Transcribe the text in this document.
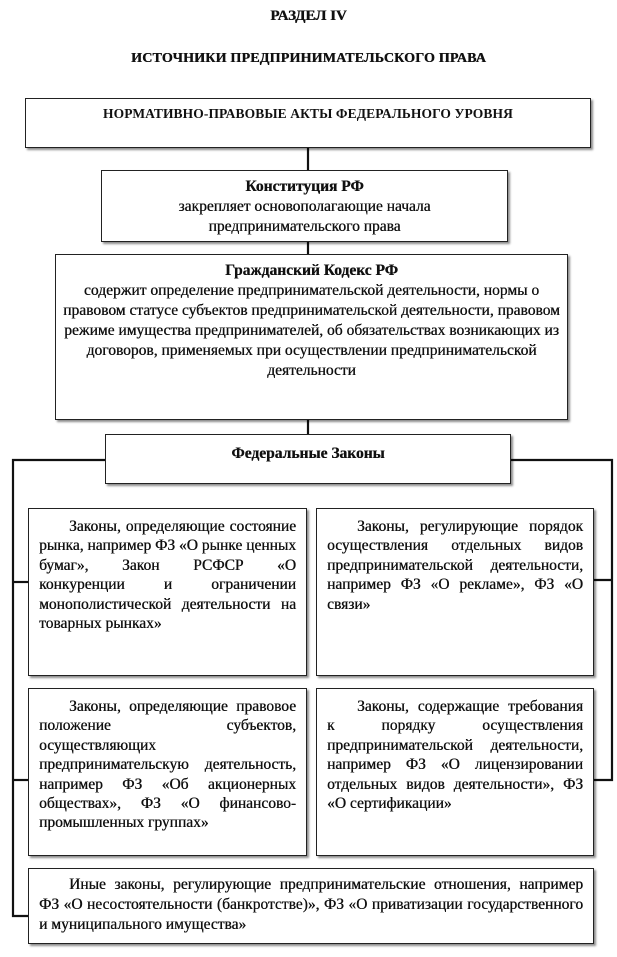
РАЗДЕЛ IV
ИСТОЧНИКИ ПРЕДПРИНИМАТЕЛЬСКОГО ПРАВА
НОРМАТИВНО-ПРАВОВЫЕ АКТЫ ФЕДЕРАЛЬНОГО УРОВНЯ
Конституция РФ
закрепляет основополагающие начала предпринимательского права
Гражданский Кодекс РФ
содержит определение предпринимательской деятельности, нормы о правовом статусе субъектов предпринимательской деятельности, правовом режиме имущества предпринимателей, об обязательствах возникающих из договоров, применяемых при осуществлении предпринимательской деятельности
Федеральные Законы
Законы, определяющие состояние рынка, например ФЗ «О рынке ценных бумаг», Закон РСФСР «О конкуренции и ограничении монополистической деятельности на товарных рынках»
Законы, регулирующие порядок осуществления отдельных видов предпринимательской деятельности, например ФЗ «О рекламе», ФЗ «О связи»
Законы, определяющие правовое положение субъектов, осуществляющих предпринимательскую деятельность, например ФЗ «Об акционерных обществах», ФЗ «О финансово-промышленных группах»
Законы, содержащие требования к порядку осуществления предпринимательской деятельности, например ФЗ «О лицензировании отдельных видов деятельности», ФЗ «О сертификации»
Иные законы, регулирующие предпринимательские отношения, например ФЗ «О несостоятельности (банкротстве)», ФЗ «О приватизации государственного и муниципального имущества»
